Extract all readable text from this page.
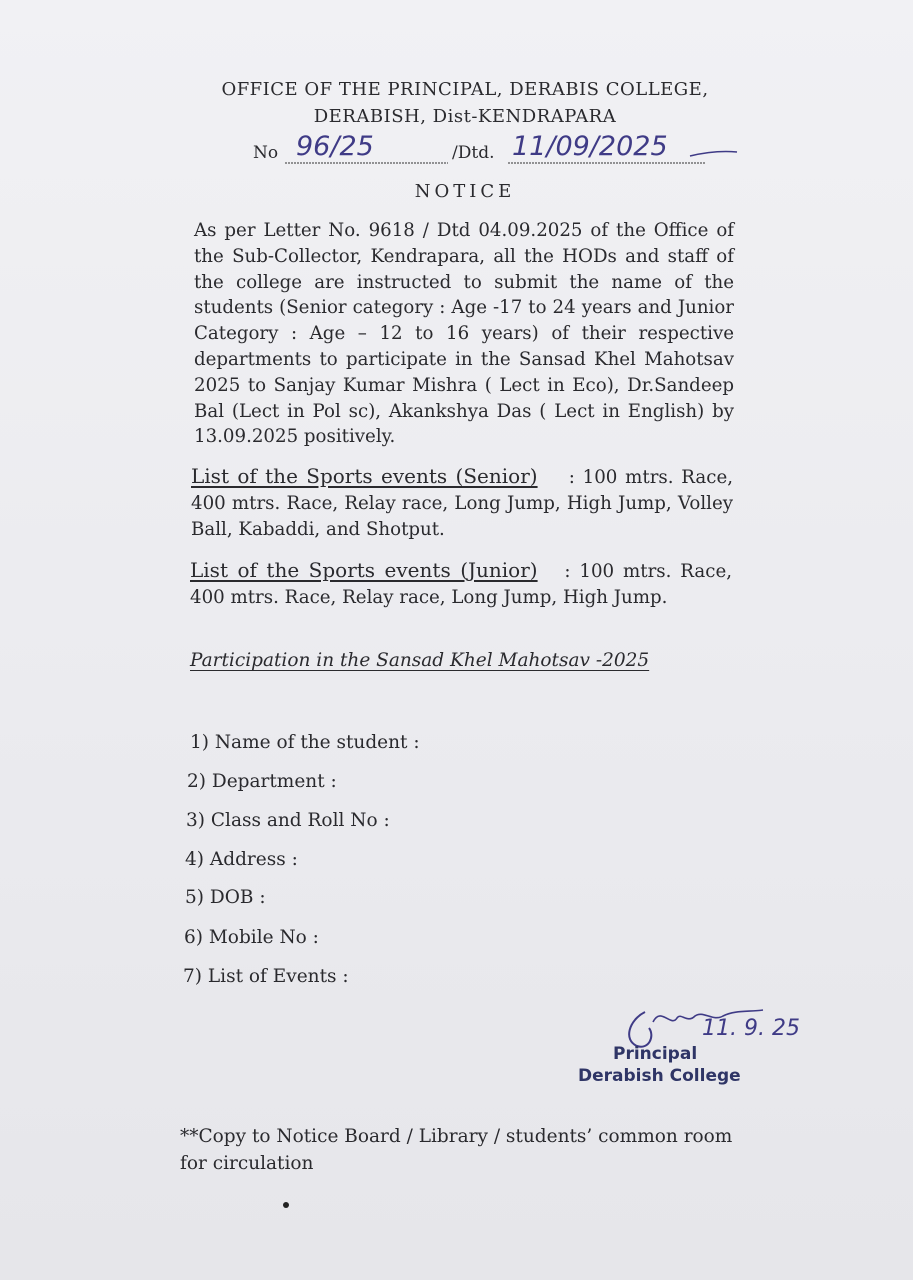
OFFICE OF THE PRINCIPAL, DERABIS COLLEGE,
DERABISH, Dist-KENDRAPARA
No 96/25	/Dtd. 11/09/2025
NOTICE
As per Letter No. 9618 / Dtd 04.09.2025 of the Office of the Sub-Collector, Kendrapara, all the HODs and staff of the college are instructed to submit the name of the students (Senior category : Age -17 to 24 years and Junior Category : Age – 12 to 16 years) of their respective departments to participate in the Sansad Khel Mahotsav 2025 to Sanjay Kumar Mishra ( Lect in Eco), Dr.Sandeep Bal (Lect in Pol sc), Akankshya Das ( Lect in English) by 13.09.2025 positively.
List of the Sports events (Senior) : 100 mtrs. Race, 400 mtrs. Race, Relay race, Long Jump, High Jump, Volley Ball, Kabaddi, and Shotput.
List of the Sports events (Junior)   : 100 mtrs. Race, 400 mtrs. Race, Relay race, Long Jump, High Jump.
Participation in the Sansad Khel Mahotsav -2025
1) Name of the student :
2) Department :
3) Class and Roll No :
4) Address :
5) DOB :
6) Mobile No :
7) List of Events :
11. 9. 25
Principal
Derabish College
**Copy to Notice Board / Library / students’ common room for circulation
